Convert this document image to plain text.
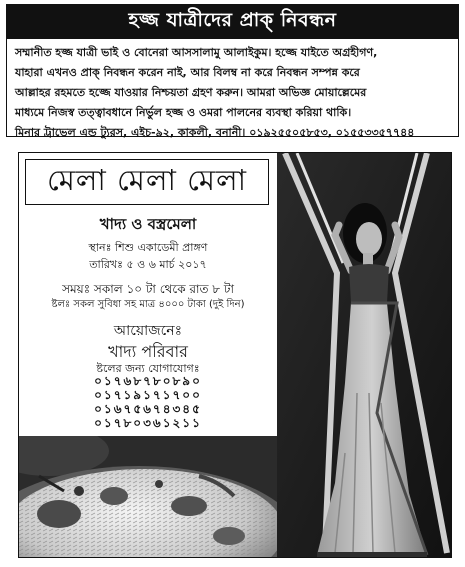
হজ্জ যাত্রীদের প্রাক্ নিবন্ধন

সম্মানীত হজ্জ যাত্রী ভাই ও বোনেরা আসসালামু আলাইকুম। হজ্জে যাইতে অগ্রহীগণ,

যাহারা এখনও প্রাক্ নিবন্ধন করেন নাই, আর বিলম্ব না করে নিবন্ধন সম্পন্ন করে

আল্লাহর রহমতে হজ্জে যাওয়ার নিশ্চয়তা গ্রহণ করুন। আমরা অভিজ্ঞ মোয়াল্লেমের

মাধ্যমে নিজস্ব তত্ত্বাবধানে নির্ভুল হজ্জ ও ওমরা পালনের ব্যবস্থা করিয়া থাকি।

মিনার ট্রাভেল এন্ড ট্যুরস, এইচ-৯২, কাকলী, বনানী। ০১৯২৫৫০৫৮৫৩, ০১৫৫৩৩৫৭৭৪৪

মেলা মেলা মেলা
খাদ্য ও বস্ত্রমেলা
স্থানঃ শিশু একাডেমী প্রাঙ্গণ
তারিখঃ ৫ ও ৬ মার্চ ২০১৭
সময়ঃ সকাল ১০ টা থেকে রাত ৮ টা
ষ্টলঃ সকল সুবিধা সহ মাত্র ৪০০০ টাকা (দুই দিন)
আয়োজনেঃ
খাদ্য পরিবার
ষ্টলের জন্য যোগাযোগঃ
০১৭৬৮৭৮০৮৯০
০১৭১৯১৭১৭০০
০১৬৭৫৬৭৪৩৪৫
০১৭৮০৩৬১২১১
